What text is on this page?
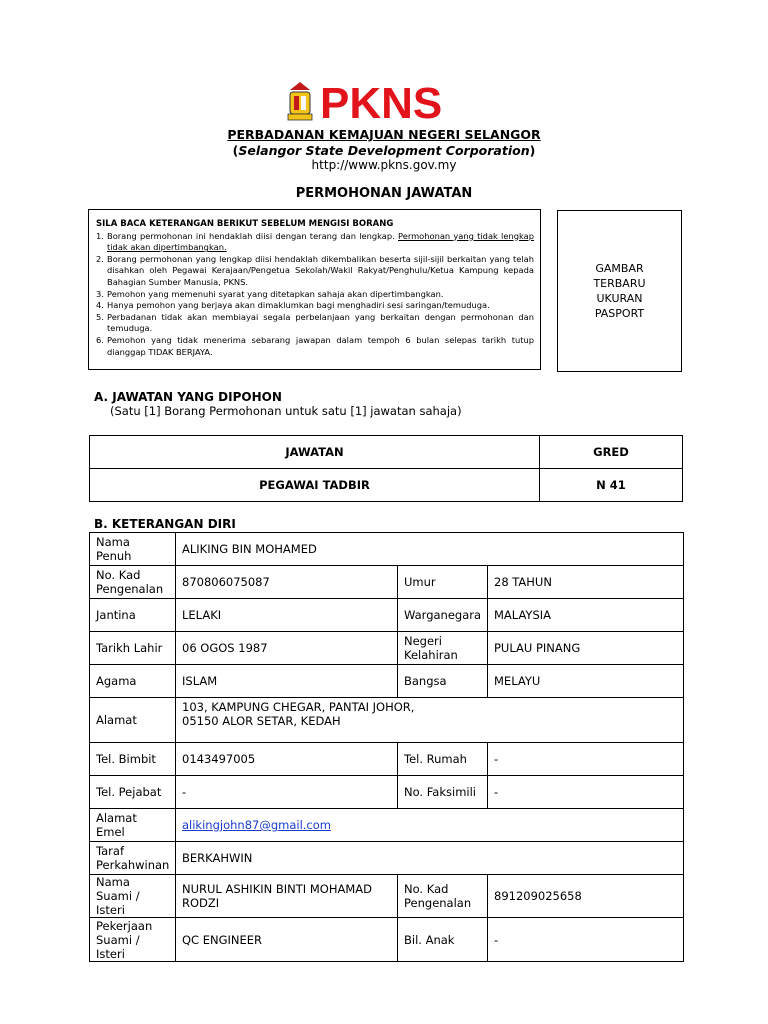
PKNS
PERBADANAN KEMAJUAN NEGERI SELANGOR
(Selangor State Development Corporation)
http://www.pkns.gov.my
PERMOHONAN JAWATAN
SILA BACA KETERANGAN BERIKUT SEBELUM MENGISI BORANG
1. Borang permohonan ini hendaklah diisi dengan terang dan lengkap. Permohonan yang tidak lengkap tidak akan dipertimbangkan.
2. Borang permohonan yang lengkap diisi hendaklah dikembalikan beserta sijil-sijil berkaitan yang telah disahkan oleh Pegawai Kerajaan/Pengetua Sekolah/Wakil Rakyat/Penghulu/Ketua Kampung kepada Bahagian Sumber Manusia, PKNS.
3. Pemohon yang memenuhi syarat yang ditetapkan sahaja akan dipertimbangkan.
4. Hanya pemohon yang berjaya akan dimaklumkan bagi menghadiri sesi saringan/temuduga.
5. Perbadanan tidak akan membiayai segala perbelanjaan yang berkaitan dengan permohonan dan temuduga.
6. Pemohon yang tidak menerima sebarang jawapan dalam tempoh 6 bulan selepas tarikh tutup dianggap TIDAK BERJAYA.
GAMBAR
TERBARU
UKURAN
PASPORT
A. JAWATAN YANG DIPOHON
(Satu [1] Borang Permohonan untuk satu [1] jawatan sahaja)
JAWATAN	GRED
PEGAWAI TADBIR	N 41
B. KETERANGAN DIRI
Nama Penuh	ALIKING BIN MOHAMED		
No. Kad Pengenalan	870806075087	Umur	28 TAHUN
Jantina	LELAKI	Warganegara	MALAYSIA
Tarikh Lahir	06 OGOS 1987	Negeri Kelahiran	PULAU PINANG
Agama	ISLAM	Bangsa	MELAYU
Alamat	103, KAMPUNG CHEGAR, PANTAI JOHOR,
05150 ALOR SETAR, KEDAH		

Tel. Bimbit	0143497005	Tel. Rumah	-
Tel. Pejabat	-	No. Faksimili	-
Alamat Emel	alikingjohn87@gmail.com		
Taraf Perkahwinan	BERKAHWIN		
Nama Suami / Isteri	NURUL ASHIKIN BINTI MOHAMAD RODZI	No. Kad Pengenalan	891209025658
Pekerjaan Suami / Isteri	QC ENGINEER	Bil. Anak	-
